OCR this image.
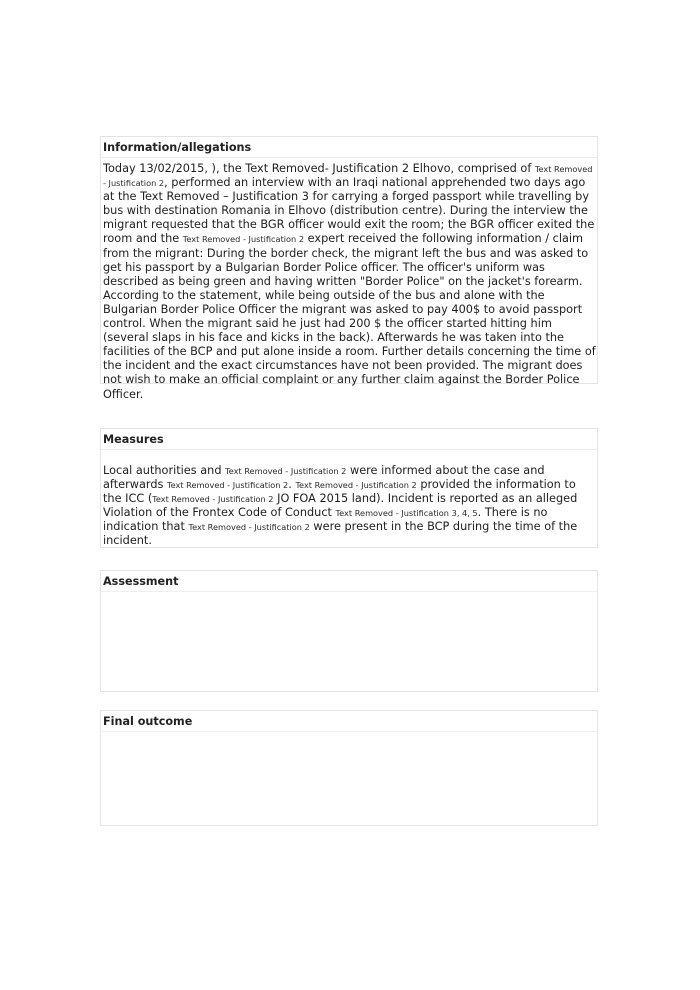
Information/allegations
Today 13/02/2015, ), the Text Removed- Justification 2 Elhovo, comprised of Text Removed - Justification 2, performed an interview with an Iraqi national apprehended two days ago at the Text Removed – Justification 3 for carrying a forged passport while travelling by bus with destination Romania in Elhovo (distribution centre). During the interview the migrant requested that the BGR officer would exit the room; the BGR officer exited the room and the Text Removed - Justification 2 expert received the following information / claim from the migrant: During the border check, the migrant left the bus and was asked to get his passport by a Bulgarian Border Police officer. The officer's uniform was described as being green and having written "Border Police" on the jacket's forearm. According to the statement, while being outside of the bus and alone with the Bulgarian Border Police Officer the migrant was asked to pay 400$ to avoid passport control. When the migrant said he just had 200 $ the officer started hitting him (several slaps in his face and kicks in the back). Afterwards he was taken into the facilities of the BCP and put alone inside a room. Further details concerning the time of the incident and the exact circumstances have not been provided. The migrant does not wish to make an official complaint or any further claim against the Border Police Officer.
Measures
Local authorities and Text Removed - Justification 2 were informed about the case and afterwards Text Removed - Justification 2. Text Removed - Justification 2 provided the information to the ICC (Text Removed - Justification 2 JO FOA 2015 land). Incident is reported as an alleged Violation of the Frontex Code of Conduct Text Removed - Justification 3, 4, 5. There is no indication that Text Removed - Justification 2 were present in the BCP during the time of the incident.
Assessment
Final outcome
